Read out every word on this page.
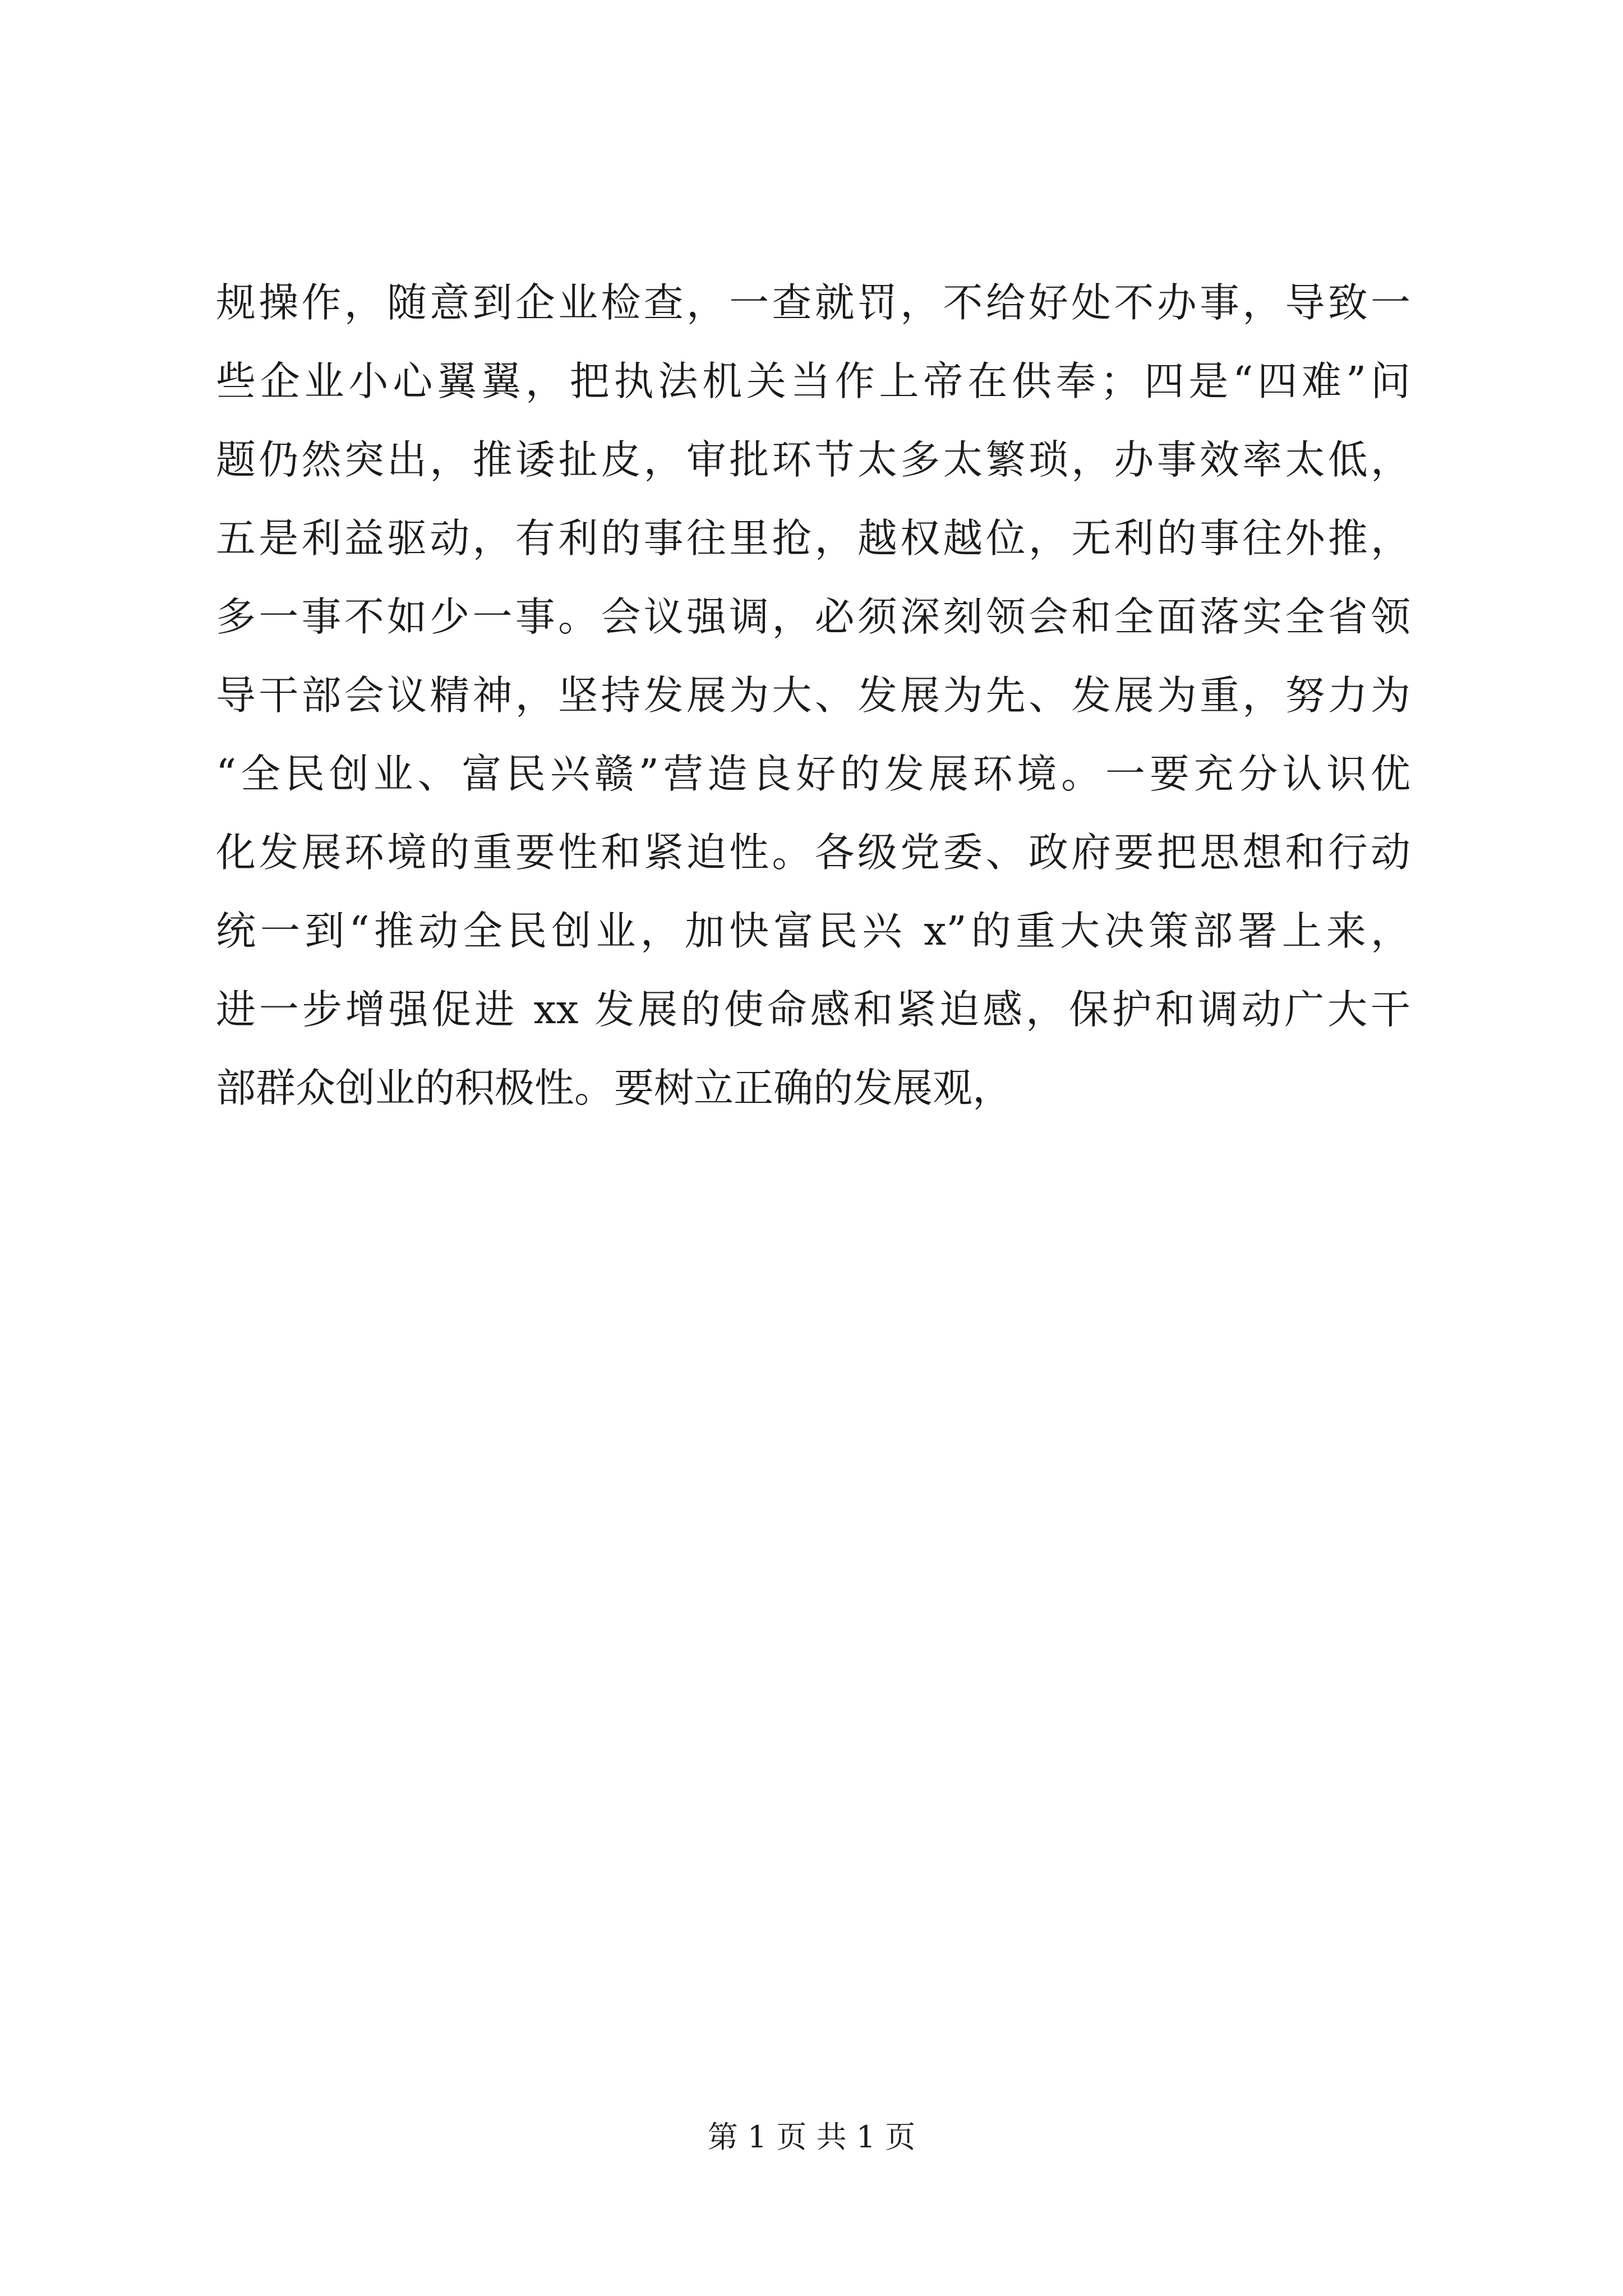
规操作，随意到企业检查，一查就罚，不给好处不办事，导致一
些企业小心翼翼，把执法机关当作上帝在供奉；四是“四难”问
题仍然突出，推诿扯皮，审批环节太多太繁琐，办事效率太低，
五是利益驱动，有利的事往里抢，越权越位，无利的事往外推，
多一事不如少一事。会议强调，必须深刻领会和全面落实全省领
导干部会议精神，坚持发展为大、发展为先、发展为重，努力为
“全民创业、富民兴赣”营造良好的发展环境。一要充分认识优
化发展环境的重要性和紧迫性。各级党委、政府要把思想和行动
统一到“推动全民创业，加快富民兴 x”的重大决策部署上来，
进一步增强促进 xx 发展的使命感和紧迫感，保护和调动广大干
部群众创业的积极性。要树立正确的发展观，
第 1 页 共 1 页
